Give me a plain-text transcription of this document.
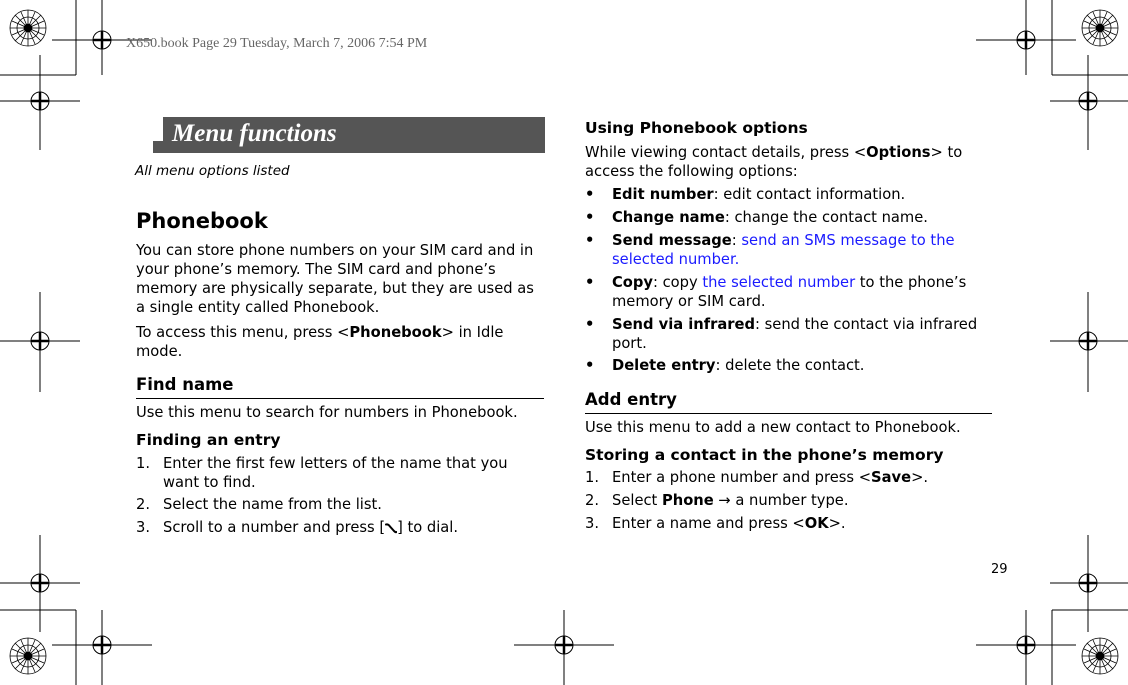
X650.book Page 29 Tuesday, March 7, 2006 7:54 PM
Menu functions
All menu options listed
Phonebook

You can store phone numbers on your SIM card and in your phone’s memory. The SIM card and phone’s memory are physically separate, but they are used as a single entity called Phonebook.

To access this menu, press <Phonebook> in Idle mode.

Find name

Use this menu to search for numbers in Phonebook.

Finding an entry
1. Enter the first few letters of the name that you want to find.
2. Select the name from the list.
3. Scroll to a number and press [ ] to dial.
Using Phonebook options

While viewing contact details, press <Options> to access the following options:

• Edit number: edit contact information.
• Change name: change the contact name.
• Send message: send an SMS message to the selected number.
• Copy: copy the selected number to the phone’s memory or SIM card.
• Send via infrared: send the contact via infrared port.
• Delete entry: delete the contact.
Add entry

Use this menu to add a new contact to Phonebook.

Storing a contact in the phone’s memory
1. Enter a phone number and press <Save>.
2. Select Phone → a number type.
3. Enter a name and press <OK>.
29
